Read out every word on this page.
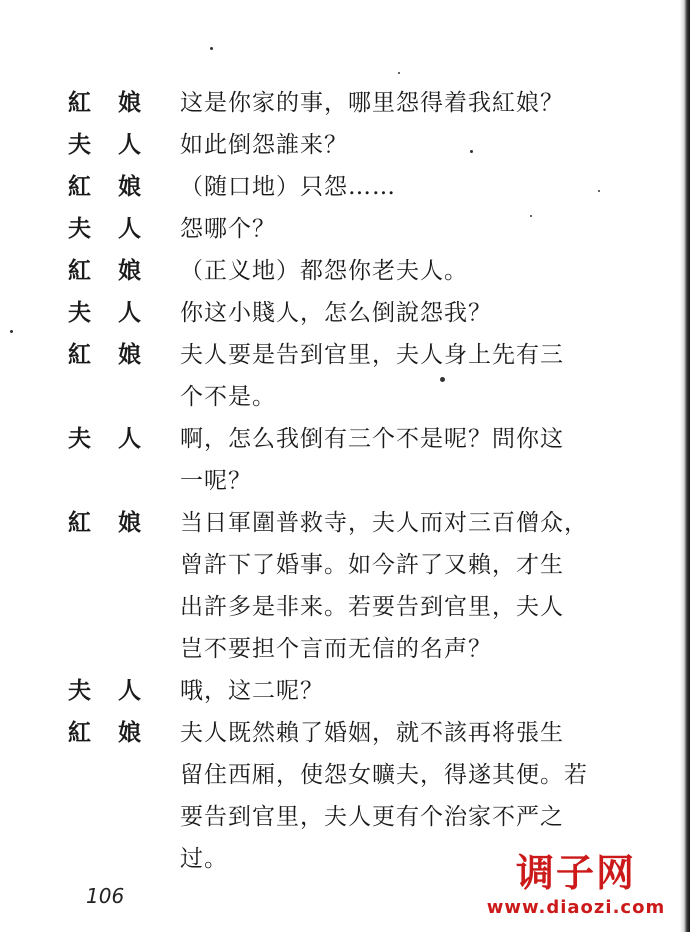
紅 娘 这是你家的事，哪里怨得着我紅娘？
夫 人 如此倒怨誰来？
紅 娘 （随口地）只怨……
夫 人 怨哪个？
紅 娘 （正义地）都怨你老夫人。
夫 人 你这小賤人，怎么倒說怨我？
紅 娘 夫人要是告到官里，夫人身上先有三
个不是。
夫 人 啊，怎么我倒有三个不是呢？問你这
一呢？
紅 娘 当日軍圍普救寺，夫人而对三百僧众，
曾許下了婚事。如今許了又賴，才生
出許多是非来。若要告到官里，夫人
岂不要担个言而无信的名声？
夫 人 哦，这二呢？
紅 娘 夫人既然賴了婚姻，就不該再将張生
留住西厢，使怨女曠夫，得遂其便。若
要告到官里，夫人更有个治家不严之
过。
106
调子网
www.diaozi.com
